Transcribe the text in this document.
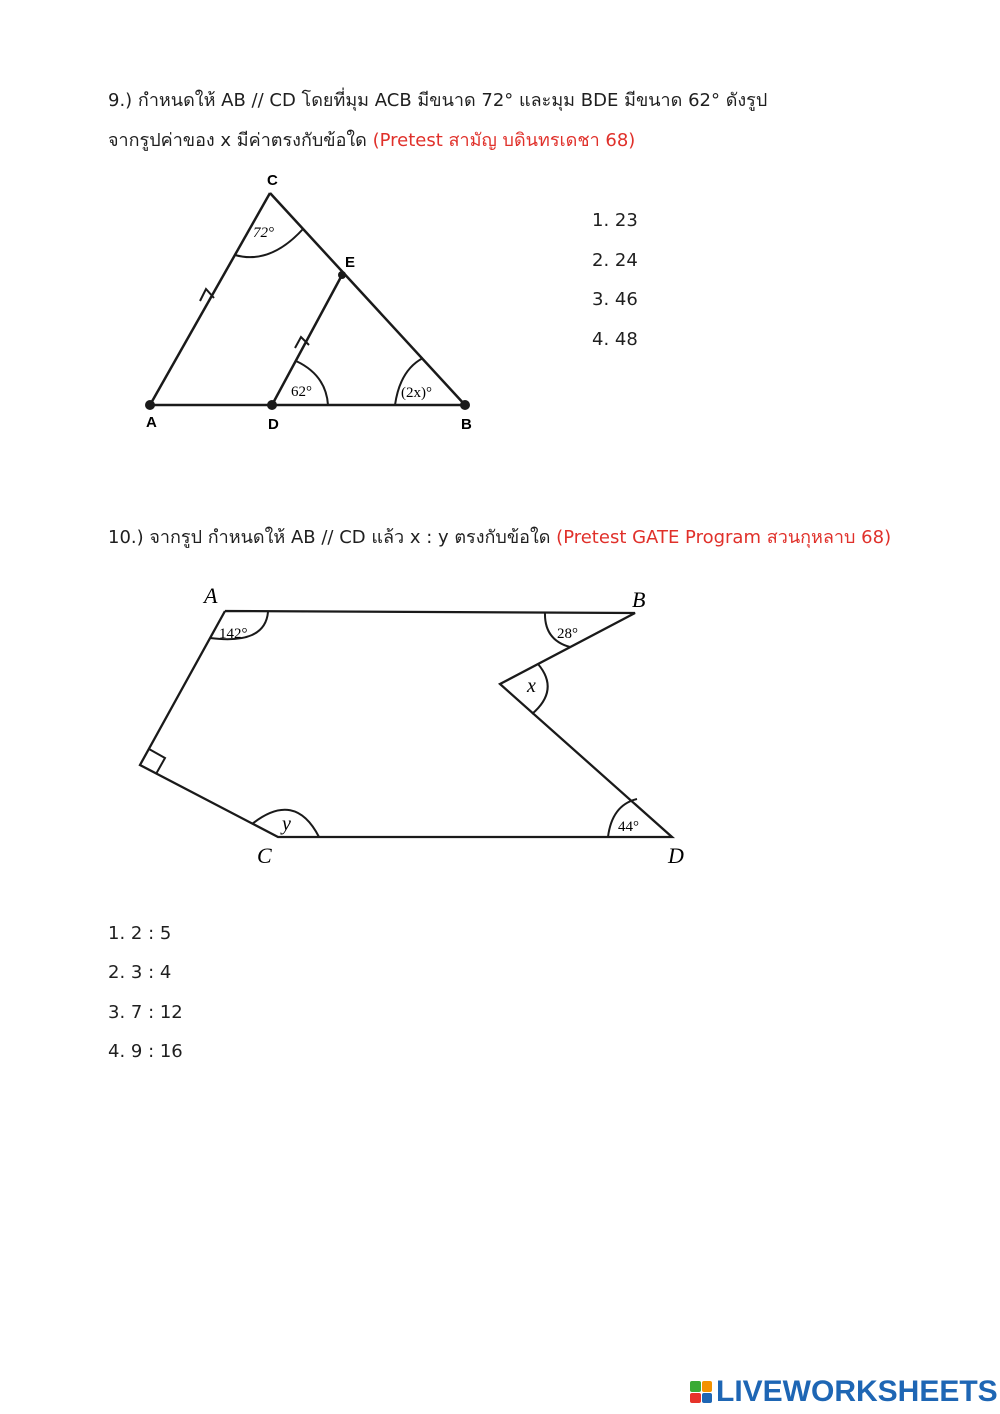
9.) กำหนดให้ AB // CD โดยที่มุม ACB มีขนาด 72° และมุม BDE มีขนาด 62° ดังรูป
จากรูปค่าของ x มีค่าตรงกับข้อใด (Pretest สามัญ บดินทรเดชา 68)
C
E
A	D	B
72°
62°	(2x)°
1. 23
2. 24
3. 46
4. 48
10.) จากรูป กำหนดให้ AB // CD แล้ว x : y ตรงกับข้อใด (Pretest GATE Program สวนกุหลาบ 68)
A	B
C	D
142°	28°
x
y	44°
1. 2 : 5
2. 3 : 4
3. 7 : 12
4. 9 : 16
LIVEWORKSHEETS
